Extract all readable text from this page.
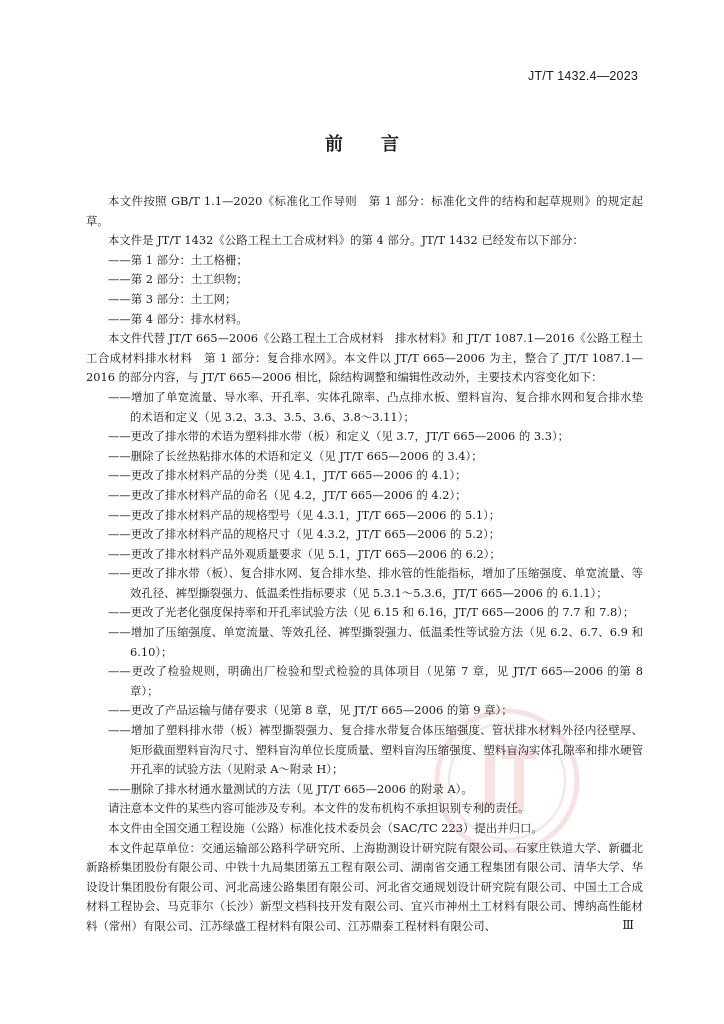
JT/T 1432.4—2023
前言

本文件按照 GB/T 1.1—2020《标准化工作导则　第 1 部分：标准化文件的结构和起草规则》的规定起草。

本文件是 JT/T 1432《公路工程土工合成材料》的第 4 部分。JT/T 1432 已经发布以下部分：

——第 1 部分：土工格栅；

——第 2 部分：土工织物；

——第 3 部分：土工网；

——第 4 部分：排水材料。

本文件代替 JT/T 665—2006《公路工程土工合成材料　排水材料》和 JT/T 1087.1—2016《公路工程土工合成材料排水材料　第 1 部分：复合排水网》。本文件以 JT/T 665—2006 为主，整合了 JT/T 1087.1—2016 的部分内容，与 JT/T 665—2006 相比，除结构调整和编辑性改动外，主要技术内容变化如下：

——增加了单宽流量、导水率、开孔率、实体孔隙率、凸点排水板、塑料盲沟、复合排水网和复合排水垫的术语和定义（见 3.2、3.3、3.5、3.6、3.8～3.11）；

——更改了排水带的术语为塑料排水带（板）和定义（见 3.7，JT/T 665—2006 的 3.3）；

——删除了长丝热粘排水体的术语和定义（见 JT/T 665—2006 的 3.4）；

——更改了排水材料产品的分类（见 4.1，JT/T 665—2006 的 4.1）；

——更改了排水材料产品的命名（见 4.2，JT/T 665—2006 的 4.2）；

——更改了排水材料产品的规格型号（见 4.3.1，JT/T 665—2006 的 5.1）；

——更改了排水材料产品的规格尺寸（见 4.3.2，JT/T 665—2006 的 5.2）；

——更改了排水材料产品外观质量要求（见 5.1，JT/T 665—2006 的 6.2）；

——更改了排水带（板）、复合排水网、复合排水垫、排水管的性能指标，增加了压缩强度、单宽流量、等效孔径、裤型撕裂强力、低温柔性指标要求（见 5.3.1～5.3.6，JT/T 665—2006 的 6.1.1）；

——更改了光老化强度保持率和开孔率试验方法（见 6.15 和 6.16，JT/T 665—2006 的 7.7 和 7.8）；

——增加了压缩强度、单宽流量、等效孔径、裤型撕裂强力、低温柔性等试验方法（见 6.2、6.7、6.9 和 6.10）；

——更改了检验规则，明确出厂检验和型式检验的具体项目（见第 7 章，见 JT/T 665—2006 的第 8 章）；

——更改了产品运输与储存要求（见第 8 章，见 JT/T 665—2006 的第 9 章）；

——增加了塑料排水带（板）裤型撕裂强力、复合排水带复合体压缩强度、管状排水材料外径内径壁厚、矩形截面塑料盲沟尺寸、塑料盲沟单位长度质量、塑料盲沟压缩强度、塑料盲沟实体孔隙率和排水硬管开孔率的试验方法（见附录 A～附录 H）；

——删除了排水材通水量测试的方法（见 JT/T 665—2006 的附录 A）。

请注意本文件的某些内容可能涉及专利。本文件的发布机构不承担识别专利的责任。

本文件由全国交通工程设施（公路）标准化技术委员会（SAC/TC 223）提出并归口。

本文件起草单位：交通运输部公路科学研究所、上海勘测设计研究院有限公司、石家庄铁道大学、新疆北新路桥集团股份有限公司、中铁十九局集团第五工程有限公司、湖南省交通工程集团有限公司、清华大学、华设设计集团股份有限公司、河北高速公路集团有限公司、河北省交通规划设计研究院有限公司、中国土工合成材料工程协会、马克菲尔（长沙）新型文档科技开发有限公司、宜兴市神州土工材料有限公司、博纳高性能材料（常州）有限公司、江苏绿盛工程材料有限公司、江苏鼎泰工程材料有限公司、	Ⅲ
